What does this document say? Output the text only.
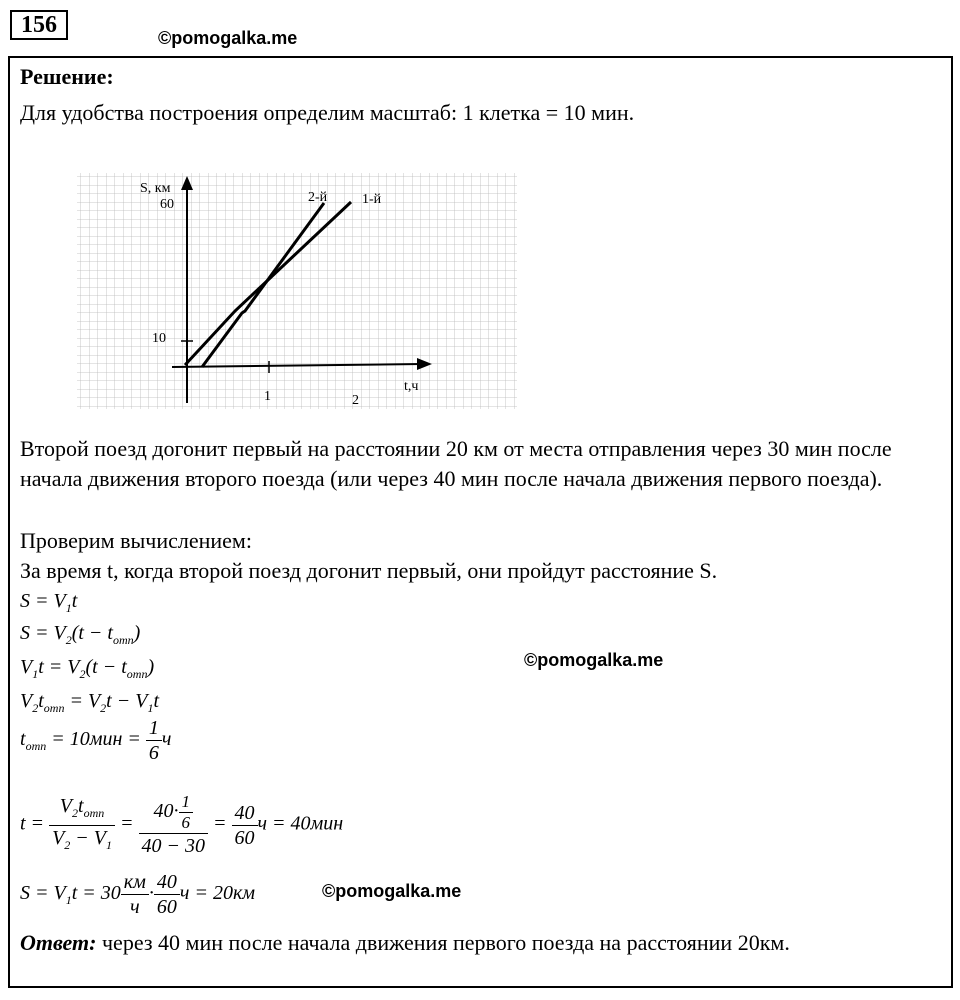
156	©pomogalka.me
Решение:
Для удобства построения определим масштаб: 1 клетка = 10 мин.
S, км
60
10
t,ч
1	2
2-й 1-й
Второй поезд догонит первый на расстоянии 20 км от места отправления через 30 мин после начала движения второго поезда (или через 40 мин после начала движения первого поезда).
Проверим вычислением:
За время t, когда второй поезд догонит первый, они пройдут расстояние S.
$S = V_1t$
$S = V_2(t - t_{отп})$
$V_1t = V_2(t - t_{отп})$
$V_2t_{отп} = V_2t - V_1t$
$t_{отп} = 10мин = \frac{1}{6}$ ч
t =
$V_2t_{отп}$
$V_2 - V_1$
= $\frac{40\cdot \frac{1}{6}}{40 - 30} = \frac{40}{60}$ ч = 40мин
$S = V_1t = 30$
км
ч
· $\frac{40}{60}$ ч = 20км
©pomogalka.me
©pomogalka.me
Ответ: через 40 мин после начала движения первого поезда на расстоянии 20км.
